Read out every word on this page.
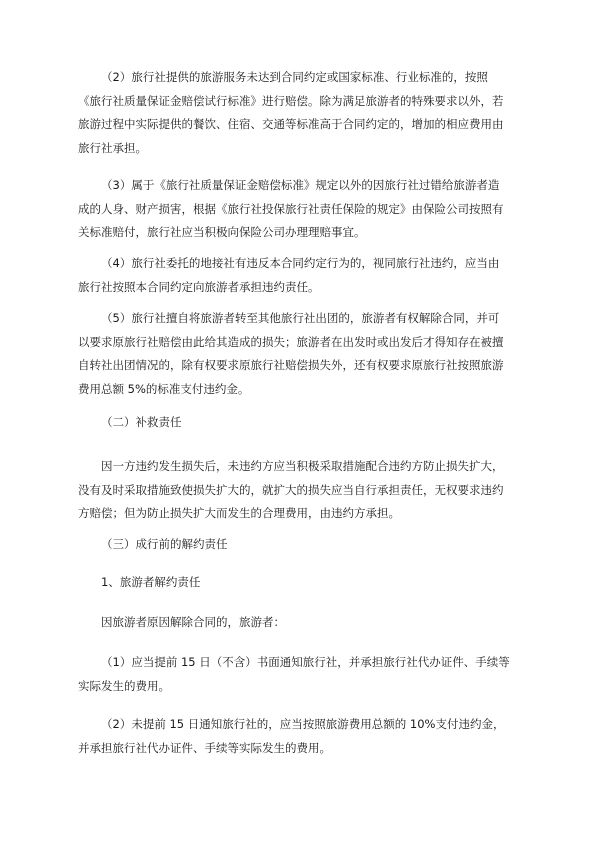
（2）旅行社提供的旅游服务未达到合同约定或国家标准、行业标准的，按照
《旅行社质量保证金赔偿试行标准》进行赔偿。除为满足旅游者的特殊要求以外，若
旅游过程中实际提供的餐饮、住宿、交通等标准高于合同约定的，增加的相应费用由
旅行社承担。
（3）属于《旅行社质量保证金赔偿标准》规定以外的因旅行社过错给旅游者造
成的人身、财产损害，根据《旅行社投保旅行社责任保险的规定》由保险公司按照有
关标准赔付，旅行社应当积极向保险公司办理理赔事宜。
（4）旅行社委托的地接社有违反本合同约定行为的，视同旅行社违约，应当由
旅行社按照本合同约定向旅游者承担违约责任。
（5）旅行社擅自将旅游者转至其他旅行社出团的，旅游者有权解除合同，并可
以要求原旅行社赔偿由此给其造成的损失；旅游者在出发时或出发后才得知存在被擅
自转社出团情况的，除有权要求原旅行社赔偿损失外，还有权要求原旅行社按照旅游
费用总额 5%的标准支付违约金。
（二）补救责任
因一方违约发生损失后，未违约方应当积极采取措施配合违约方防止损失扩大，
没有及时采取措施致使损失扩大的，就扩大的损失应当自行承担责任，无权要求违约
方赔偿；但为防止损失扩大而发生的合理费用，由违约方承担。
（三）成行前的解约责任
1、旅游者解约责任
因旅游者原因解除合同的，旅游者：
（1）应当提前 15 日（不含）书面通知旅行社，并承担旅行社代办证件、手续等
实际发生的费用。
（2）未提前 15 日通知旅行社的，应当按照旅游费用总额的 10%支付违约金，
并承担旅行社代办证件、手续等实际发生的费用。
